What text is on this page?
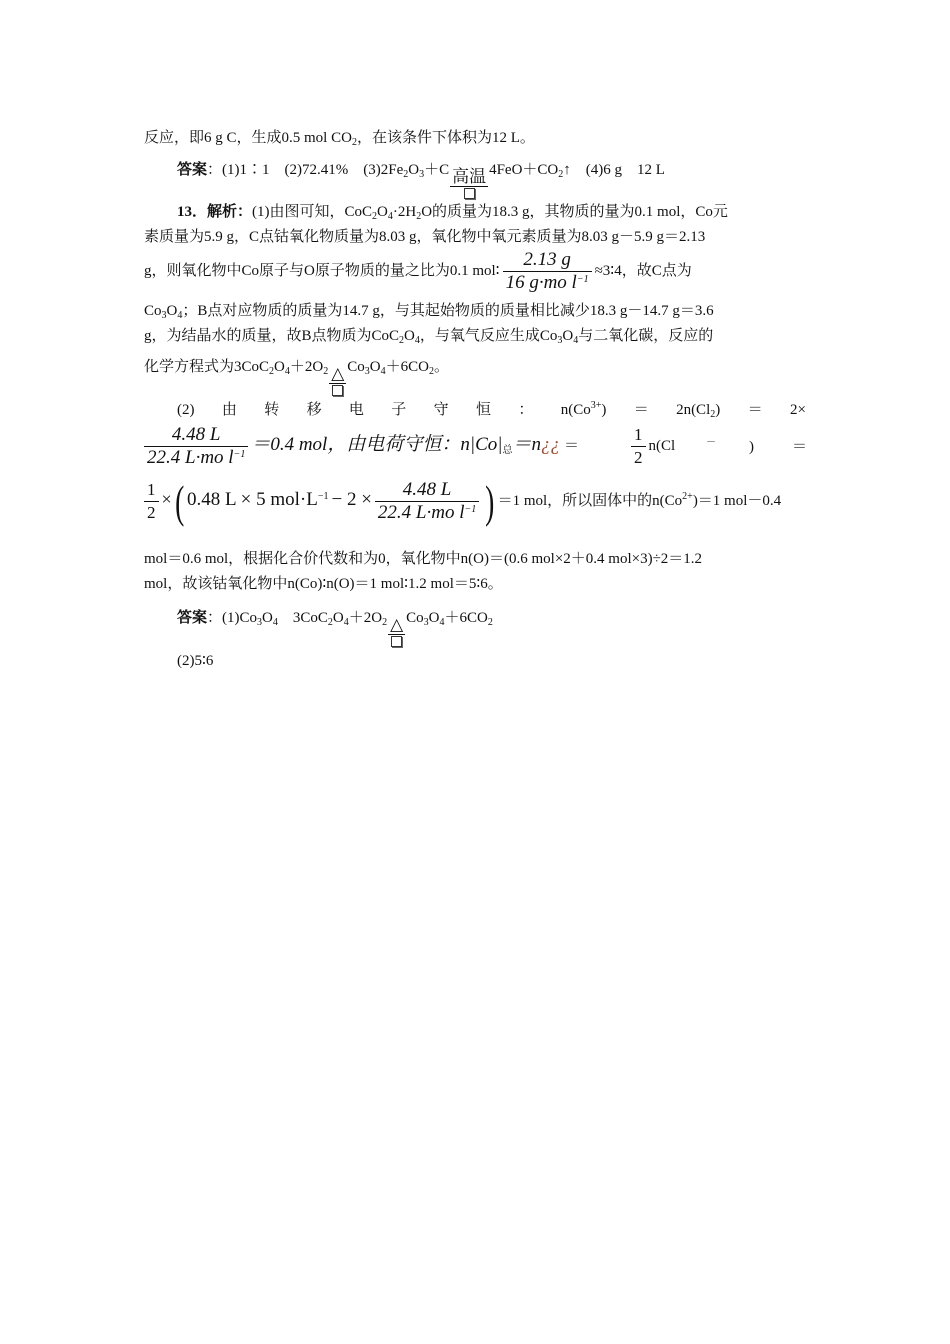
反应，即6 g C，生成0.5 mol $CO_2$，在该条件下体积为12 L。
答案：(1)1∶1　(2)72.41%　$(3)2Fe_2O_3+C$ 高温 $4FeO+CO_2↑$　(4)6 g　12 L
13．解析：(1)由图可知，$CoC_2O_4\cdot 2H_2O$的质量为18.3 g，其物质的量为0.1 mol，Co元
素质量为5.9 g，C点钴氧化物质量为8.03 g，氧化物中氧元素质量为8.03 g－5.9 g＝2.13
g，则氧化物中Co原子与O原子物质的量之比为0.1 mol∶ $\frac{2.13 g}{16 g\cdot mo l^{-1}}$ ≈3∶4，故C点为
$Co_3O_4$；B点对应物质的质量为14.7 g，与其起始物质的质量相比减少18.3 g－14.7 g＝3.6
g，为结晶水的质量，故B点物质为$CoC_2O_4$，与氧气反应生成$Co_3O_4$与二氧化碳，反应的
化学方程式为$3CoC_2O_4+2O_2$ △ $Co_3O_4+6CO_2$。
(2) 由 转 移 电 子 守 恒 ： $n(Co^{3+}) = 2n(Cl_2) = 2\times$
$\frac{4.48 L}{22.4 L\cdot mo l^{-1}} =0.4$ mol，由电荷守恒：$n|Co|_总=n¿¿$ ＝	$\frac{1}{2} n(Cl$	－ )	＝
$\frac{1}{2}$ ×( 0.48 L × 5 $mol\cdot L^{-1} - 2 \times \frac{4.48 L}{22.4 L\cdot mo l^{-1}}$ ) ＝1 mol，所以固体中的$n(Co^{2+})=1$ mol－0.4
mol＝0.6 mol，根据化合价代数和为0，氧化物中n(O)＝(0.6 mol×2＋0.4 mol×3)÷2＝1.2
mol，故该钴氧化物中n(Co)∶n(O)＝1 mol∶1.2 mol＝5∶6。
答案：$(1)Co_3O_4$　$3CoC_2O_4+2O_2$ △ $Co_3O_4+6CO_2$
(2)5∶6
